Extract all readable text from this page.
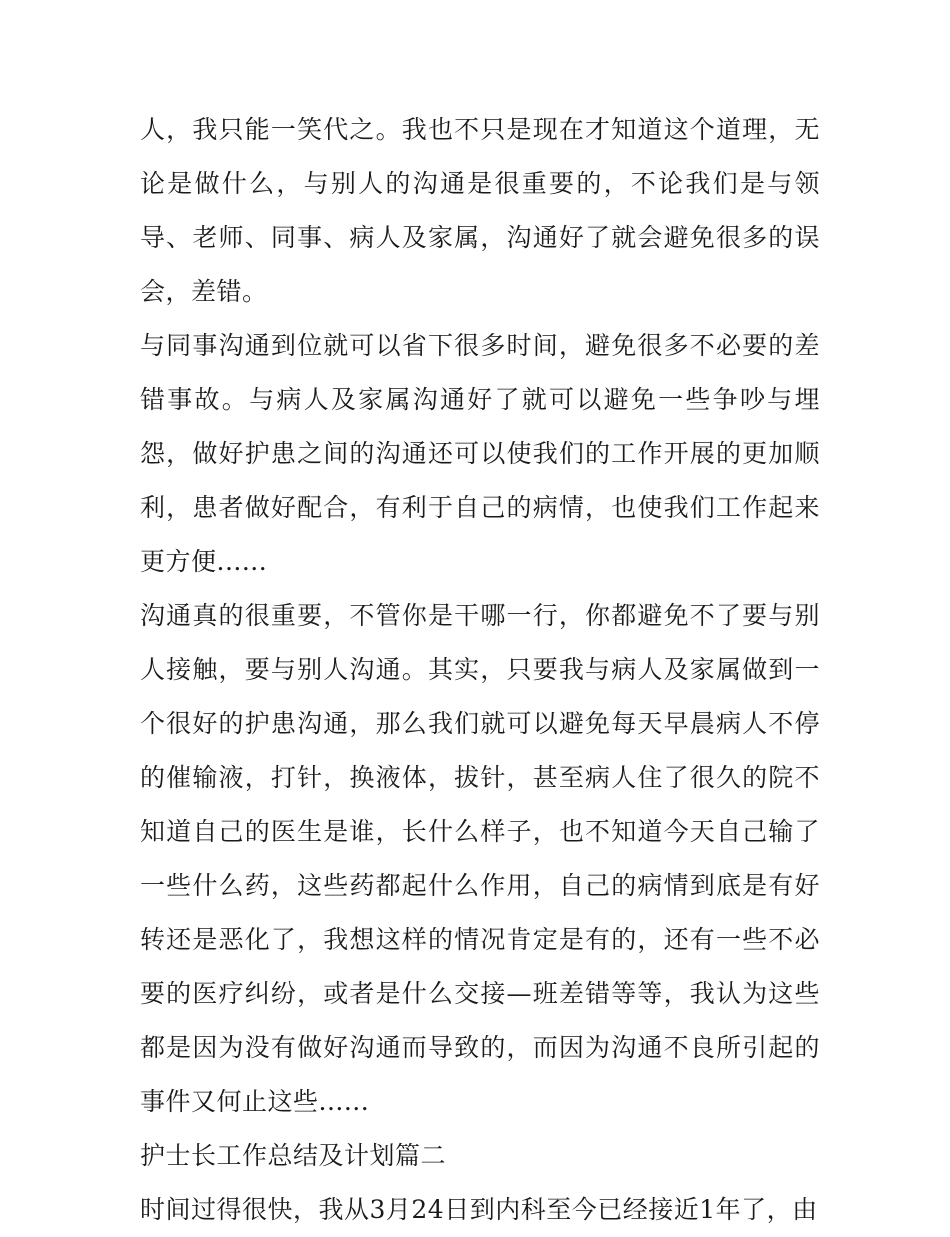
人，我只能一笑代之。我也不只是现在才知道这个道理，无论是做什么，与别人的沟通是很重要的，不论我们是与领导、老师、同事、病人及家属，沟通好了就会避免很多的误会，差错。

与同事沟通到位就可以省下很多时间，避免很多不必要的差错事故。与病人及家属沟通好了就可以避免一些争吵与埋怨，做好护患之间的沟通还可以使我们的工作开展的更加顺利，患者做好配合，有利于自己的病情，也使我们工作起来更方便......

沟通真的很重要，不管你是干哪一行，你都避免不了要与别人接触，要与别人沟通。其实，只要我与病人及家属做到一个很好的护患沟通，那么我们就可以避免每天早晨病人不停的催输液，打针，换液体，拔针，甚至病人住了很久的院不知道自己的医生是谁，长什么样子，也不知道今天自己输了一些什么药，这些药都起什么作用，自己的病情到底是有好转还是恶化了，我想这样的情况肯定是有的，还有一些不必要的医疗纠纷，或者是什么交接—班差错等等，我认为这些都是因为没有做好沟通而导致的，而因为沟通不良所引起的事件又何止这些......

护士长工作总结及计划篇二

时间过得很快，我从3月24日到内科至今已经接近1年了，由
